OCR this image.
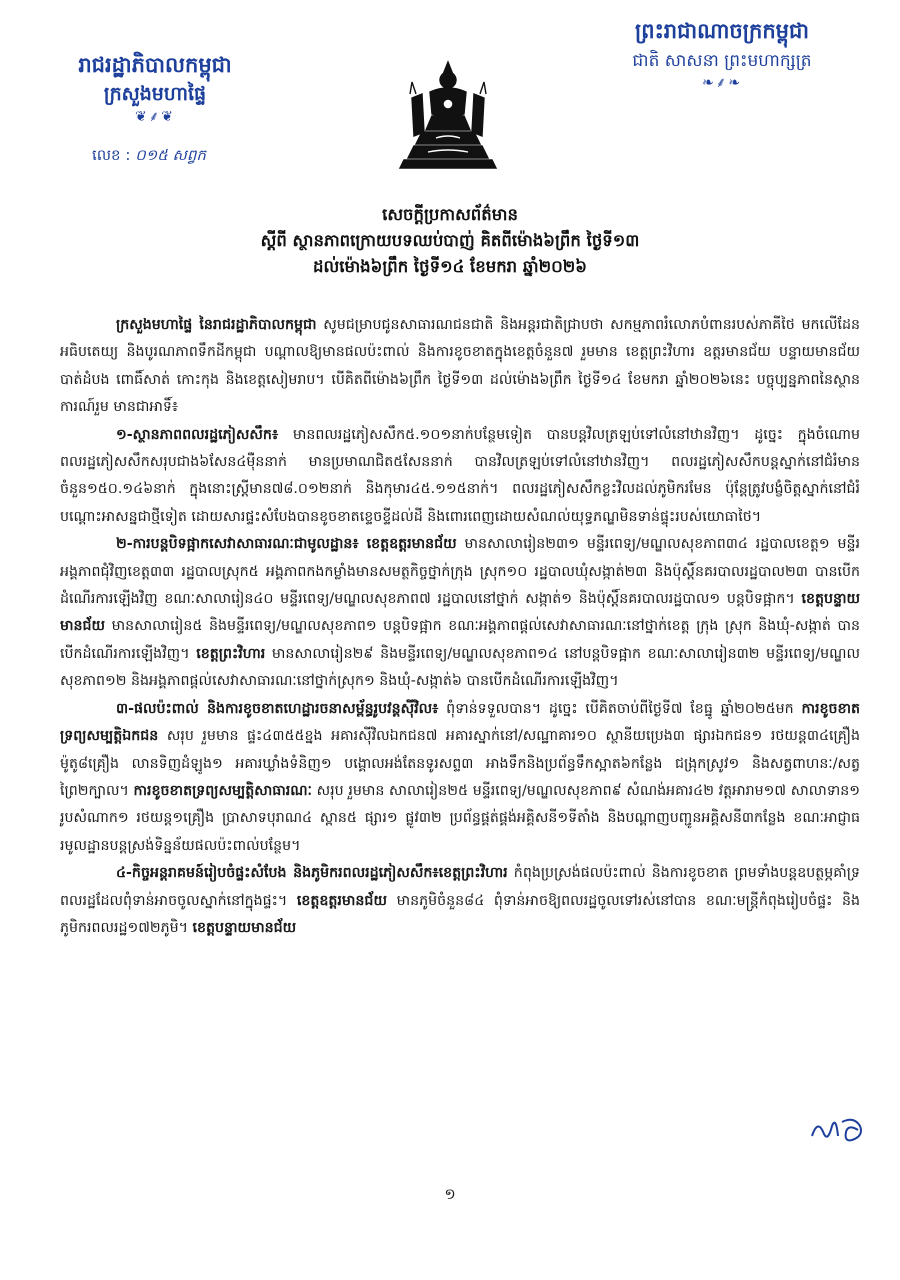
រាជរដ្ឋាភិបាលកម្ពុជា

ក្រសួងមហាផ្ទៃ

❦⸙❦
លេខ : ០១៥ សព្វក

ព្រះរាជាណាចក្រកម្ពុជា

ជាតិ សាសនា ព្រះមហាក្សត្រ

❧⸙❧

សេចក្តីប្រកាសព័ត៌មាន

ស្តីពី ស្ថានភាពក្រោយបទឈប់បាញ់ គិតពីម៉ោង៦ព្រឹក ថ្ងៃទី១៣

ដល់ម៉ោង៦ព្រឹក ថ្ងៃទី១៤ ខែមករា ឆ្នាំ២០២៦

ក្រសួងមហាផ្ទៃ នៃរាជរដ្ឋាភិបាលកម្ពុជា សូមជម្រាបជូនសាធារណជនជាតិ និងអន្តរជាតិជ្រាបថា សកម្មភាពរំលោភបំពានរបស់ភាគីថៃ មកលើដែនអធិបតេយ្យ និងបូរណភាពទឹកដីកម្ពុជា បណ្តាលឱ្យមានផលប៉ះពាល់ និងការខូចខាតក្នុងខេត្តចំនួន៧ រួមមាន ខេត្តព្រះវិហារ ឧត្តរមានជ័យ បន្ទាយមានជ័យ បាត់ដំបង ពោធិ៍សាត់ កោះកុង និងខេត្តសៀមរាប។ បើគិតពីម៉ោង៦ព្រឹក ថ្ងៃទី១៣ ដល់ម៉ោង៦ព្រឹក ថ្ងៃទី១៤ ខែមករា ឆ្នាំ២០២៦នេះ បច្ចុប្បន្នភាពនៃស្ថានការណ៍រួម មានជាអាទិ៍៖

១-ស្ថានភាពពលរដ្ឋភៀសសឹក៖ មានពលរដ្ឋភៀសសឹក៥.១០១នាក់បន្ថែមទៀត បានបន្តវិលត្រឡប់ទៅលំនៅឋានវិញ។ ដូច្នេះ ក្នុងចំណោមពលរដ្ឋភៀសសឹកសរុបជាង៦សែន៤ម៉ឺននាក់ មានប្រមាណជិត៥សែននាក់ បានវិលត្រឡប់ទៅលំនៅឋានវិញ។ ពលរដ្ឋភៀសសឹកបន្តស្នាក់នៅជំរំមានចំនួន១៥០.១៤៦នាក់ ក្នុងនោះស្ត្រីមាន៧៨.០១២នាក់ និងកុមារ៤៥.១១៥នាក់។ ពលរដ្ឋភៀសសឹកខ្លះវិលដល់ភូមិករមែន ប៉ុន្តែត្រូវបង្ខំចិត្តស្នាក់នៅជំរំបណ្តោះអាសន្នជាថ្មីទៀត ដោយសារផ្ទះសំបែងបានខូចខាតខ្ទេចខ្ទីដល់ដី និងពោរពេញដោយសំណល់យុទ្ធភណ្ឌមិនទាន់ផ្ទុះរបស់យោធាថៃ។

២-ការបន្តបិទផ្អាកសេវាសាធារណៈជាមូលដ្ឋាន៖ ខេត្តឧត្តរមានជ័យ មានសាលារៀន២៣១ មន្ទីរពេទ្យ/មណ្ឌលសុខភាព៣៤ រដ្ឋបាលខេត្ត១ មន្ទីរអង្គភាពជុំវិញខេត្ត៣៣ រដ្ឋបាលស្រុក៥ អង្គភាពកងកម្លាំងមានសមត្ថកិច្ចថ្នាក់ក្រុង ស្រុក១០ រដ្ឋបាលឃុំសង្កាត់២៣ និងប៉ុស្តិ៍នគរបាលរដ្ឋបាល២៣ បានបើកដំណើរការឡើងវិញ ខណៈសាលារៀន៤០ មន្ទីរពេទ្យ/មណ្ឌលសុខភាព៧ រដ្ឋបាលនៅថ្នាក់ សង្កាត់១ និងប៉ុស្តិ៍នគរបាលរដ្ឋបាល១ បន្តបិទផ្អាក។ ខេត្តបន្ទាយមានជ័យ មានសាលារៀន៥ និងមន្ទីរពេទ្យ/មណ្ឌលសុខភាព១ បន្តបិទផ្អាក ខណៈអង្គភាពផ្តល់សេវាសាធារណៈនៅថ្នាក់ខេត្ត ក្រុង ស្រុក និងឃុំ-សង្កាត់ បានបើកដំណើរការឡើងវិញ។ ខេត្តព្រះវិហារ មានសាលារៀន២៩ និងមន្ទីរពេទ្យ/មណ្ឌលសុខភាព១៤ នៅបន្តបិទផ្អាក ខណៈសាលារៀន៣២ មន្ទីរពេទ្យ/មណ្ឌលសុខភាព១២ និងអង្គភាពផ្តល់សេវាសាធារណៈនៅថ្នាក់ស្រុក១ និងឃុំ-សង្កាត់៦ បានបើកដំណើរការឡើងវិញ។

៣-ផលប៉ះពាល់ និងការខូចខាតហេដ្ឋារចនាសម្ព័ន្ធរូបវន្តស៊ីវិល៖ ពុំទាន់ទទួលបាន។ ដូច្នេះ បើគិតចាប់ពីថ្ងៃទី៧ ខែធ្នូ ឆ្នាំ២០២៥មក ការខូចខាតទ្រព្យសម្បត្តិឯកជន សរុប រួមមាន ផ្ទះ៤៣៥៥ខ្នង អគារស៊ីវិលឯកជន៧ អគារស្នាក់នៅ/សណ្ឋាគារ១០ ស្ថានីយប្រេង៣ ផ្សារឯកជន១ រថយន្ត៣៤គ្រឿង ម៉ូតូ៨គ្រឿង លានទិញដំឡូង១ អគារឃ្លាំងទំនិញ១ បង្គោលអង់តែនទូរសព្ទ៣ អាងទឹកនិងប្រព័ន្ធទឹកស្អាត៦កន្លែង ជង្រុកស្រូវ១ និងសត្វពាហនៈ/សត្វព្រៃ២ក្បាល។ ការខូចខាតទ្រព្យសម្បត្តិសាធារណៈ សរុប រួមមាន សាលារៀន២៥ មន្ទីរពេទ្យ/មណ្ឌលសុខភាព៩ សំណង់អគារ៤២ វត្តអារាម១៧ សាលាទាន១ រូបសំណាក១ រថយន្ត១គ្រឿង ប្រាសាទបុរាណ៤ ស្ពាន៥ ផ្សារ១ ផ្លូវ៣២ ប្រព័ន្ធផ្គត់ផ្គង់អគ្គិសនី១ទីតាំង និងបណ្តាញបញ្ជូនអគ្គិសនី៣កន្លែង ខណៈអាជ្ញាធរមូលដ្ឋានបន្តស្រង់ទិន្នន័យផលប៉ះពាល់បន្ថែម។

៤-កិច្ចអន្តរាគមន៍រៀបចំផ្ទះសំបែង និងភូមិករពលរដ្ឋភៀសសឹក៖ខេត្តព្រះវិហារ កំពុងប្រស្រង់ផលប៉ះពាល់ និងការខូចខាត ព្រមទាំងបន្តឧបត្ថម្ភគាំទ្រពលរដ្ឋដែលពុំទាន់អាចចូលស្នាក់នៅក្នុងផ្ទះ។ ខេត្តឧត្តរមានជ័យ មានភូមិចំនួន៨៤ ពុំទាន់អាចឱ្យពលរដ្ឋចូលទៅរស់នៅបាន ខណៈមន្ត្រីកំពុងរៀបចំផ្ទះ និងភូមិករពលរដ្ឋ១៧២ភូមិ។ ខេត្តបន្ទាយមានជ័យ

១
